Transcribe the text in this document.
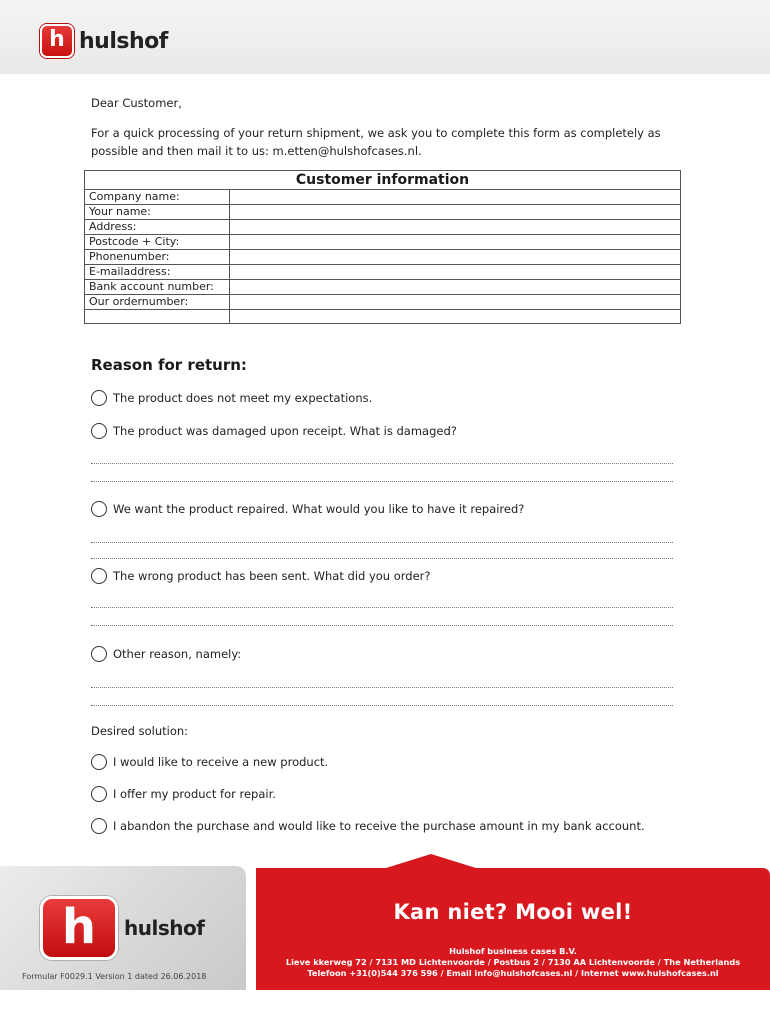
h hulshof
Dear Customer,
For a quick processing of your return shipment, we ask you to complete this form as completely as
possible and then mail it to us: m.etten@hulshofcases.nl.
Customer information	
Company name:	
Your name:	
Address:	
Postcode + City:	
Phonenumber:	
E-mailaddress:	
Bank account number:	
Our ordernumber:	

Reason for return:
The product does not meet my expectations.
The product was damaged upon receipt. What is damaged?
We want the product repaired. What would you like to have it repaired?
The wrong product has been sent. What did you order?
Other reason, namely:
Desired solution:
I would like to receive a new product.
I offer my product for repair.
I abandon the purchase and would like to receive the purchase amount in my bank account.
h	hulshof
Formular F0029.1 Version 1 dated 26.06.2018
Kan niet? Mooi wel!
Hulshof business cases B.V.
Lieve kkerweg 72 / 7131 MD Lichtenvoorde / Postbus 2 / 7130 AA Lichtenvoorde / The Netherlands
Telefoon +31(0)544 376 596 / Email info@hulshofcases.nl / Internet www.hulshofcases.nl
